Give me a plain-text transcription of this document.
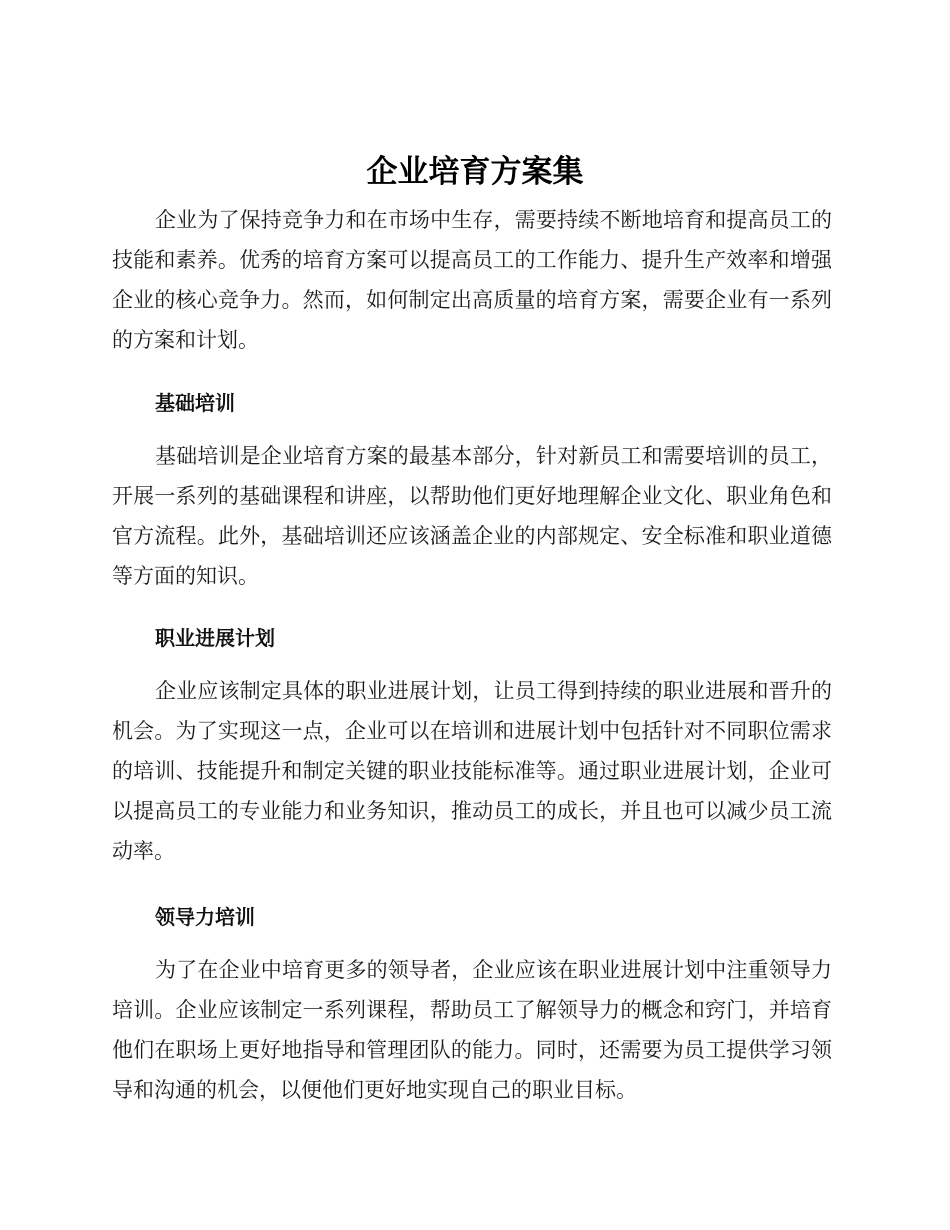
企业培育方案集

企业为了保持竞争力和在市场中生存，需要持续不断地培育和提高员工的技能和素养。优秀的培育方案可以提高员工的工作能力、提升生产效率和增强企业的核心竞争力。然而，如何制定出高质量的培育方案，需要企业有一系列的方案和计划。

基础培训

基础培训是企业培育方案的最基本部分，针对新员工和需要培训的员工，开展一系列的基础课程和讲座，以帮助他们更好地理解企业文化、职业角色和官方流程。此外，基础培训还应该涵盖企业的内部规定、安全标准和职业道德等方面的知识。

职业进展计划

企业应该制定具体的职业进展计划，让员工得到持续的职业进展和晋升的机会。为了实现这一点，企业可以在培训和进展计划中包括针对不同职位需求的培训、技能提升和制定关键的职业技能标准等。通过职业进展计划，企业可以提高员工的专业能力和业务知识，推动员工的成长，并且也可以减少员工流动率。

领导力培训

为了在企业中培育更多的领导者，企业应该在职业进展计划中注重领导力培训。企业应该制定一系列课程，帮助员工了解领导力的概念和窍门，并培育他们在职场上更好地指导和管理团队的能力。同时，还需要为员工提供学习领导和沟通的机会，以便他们更好地实现自己的职业目标。
